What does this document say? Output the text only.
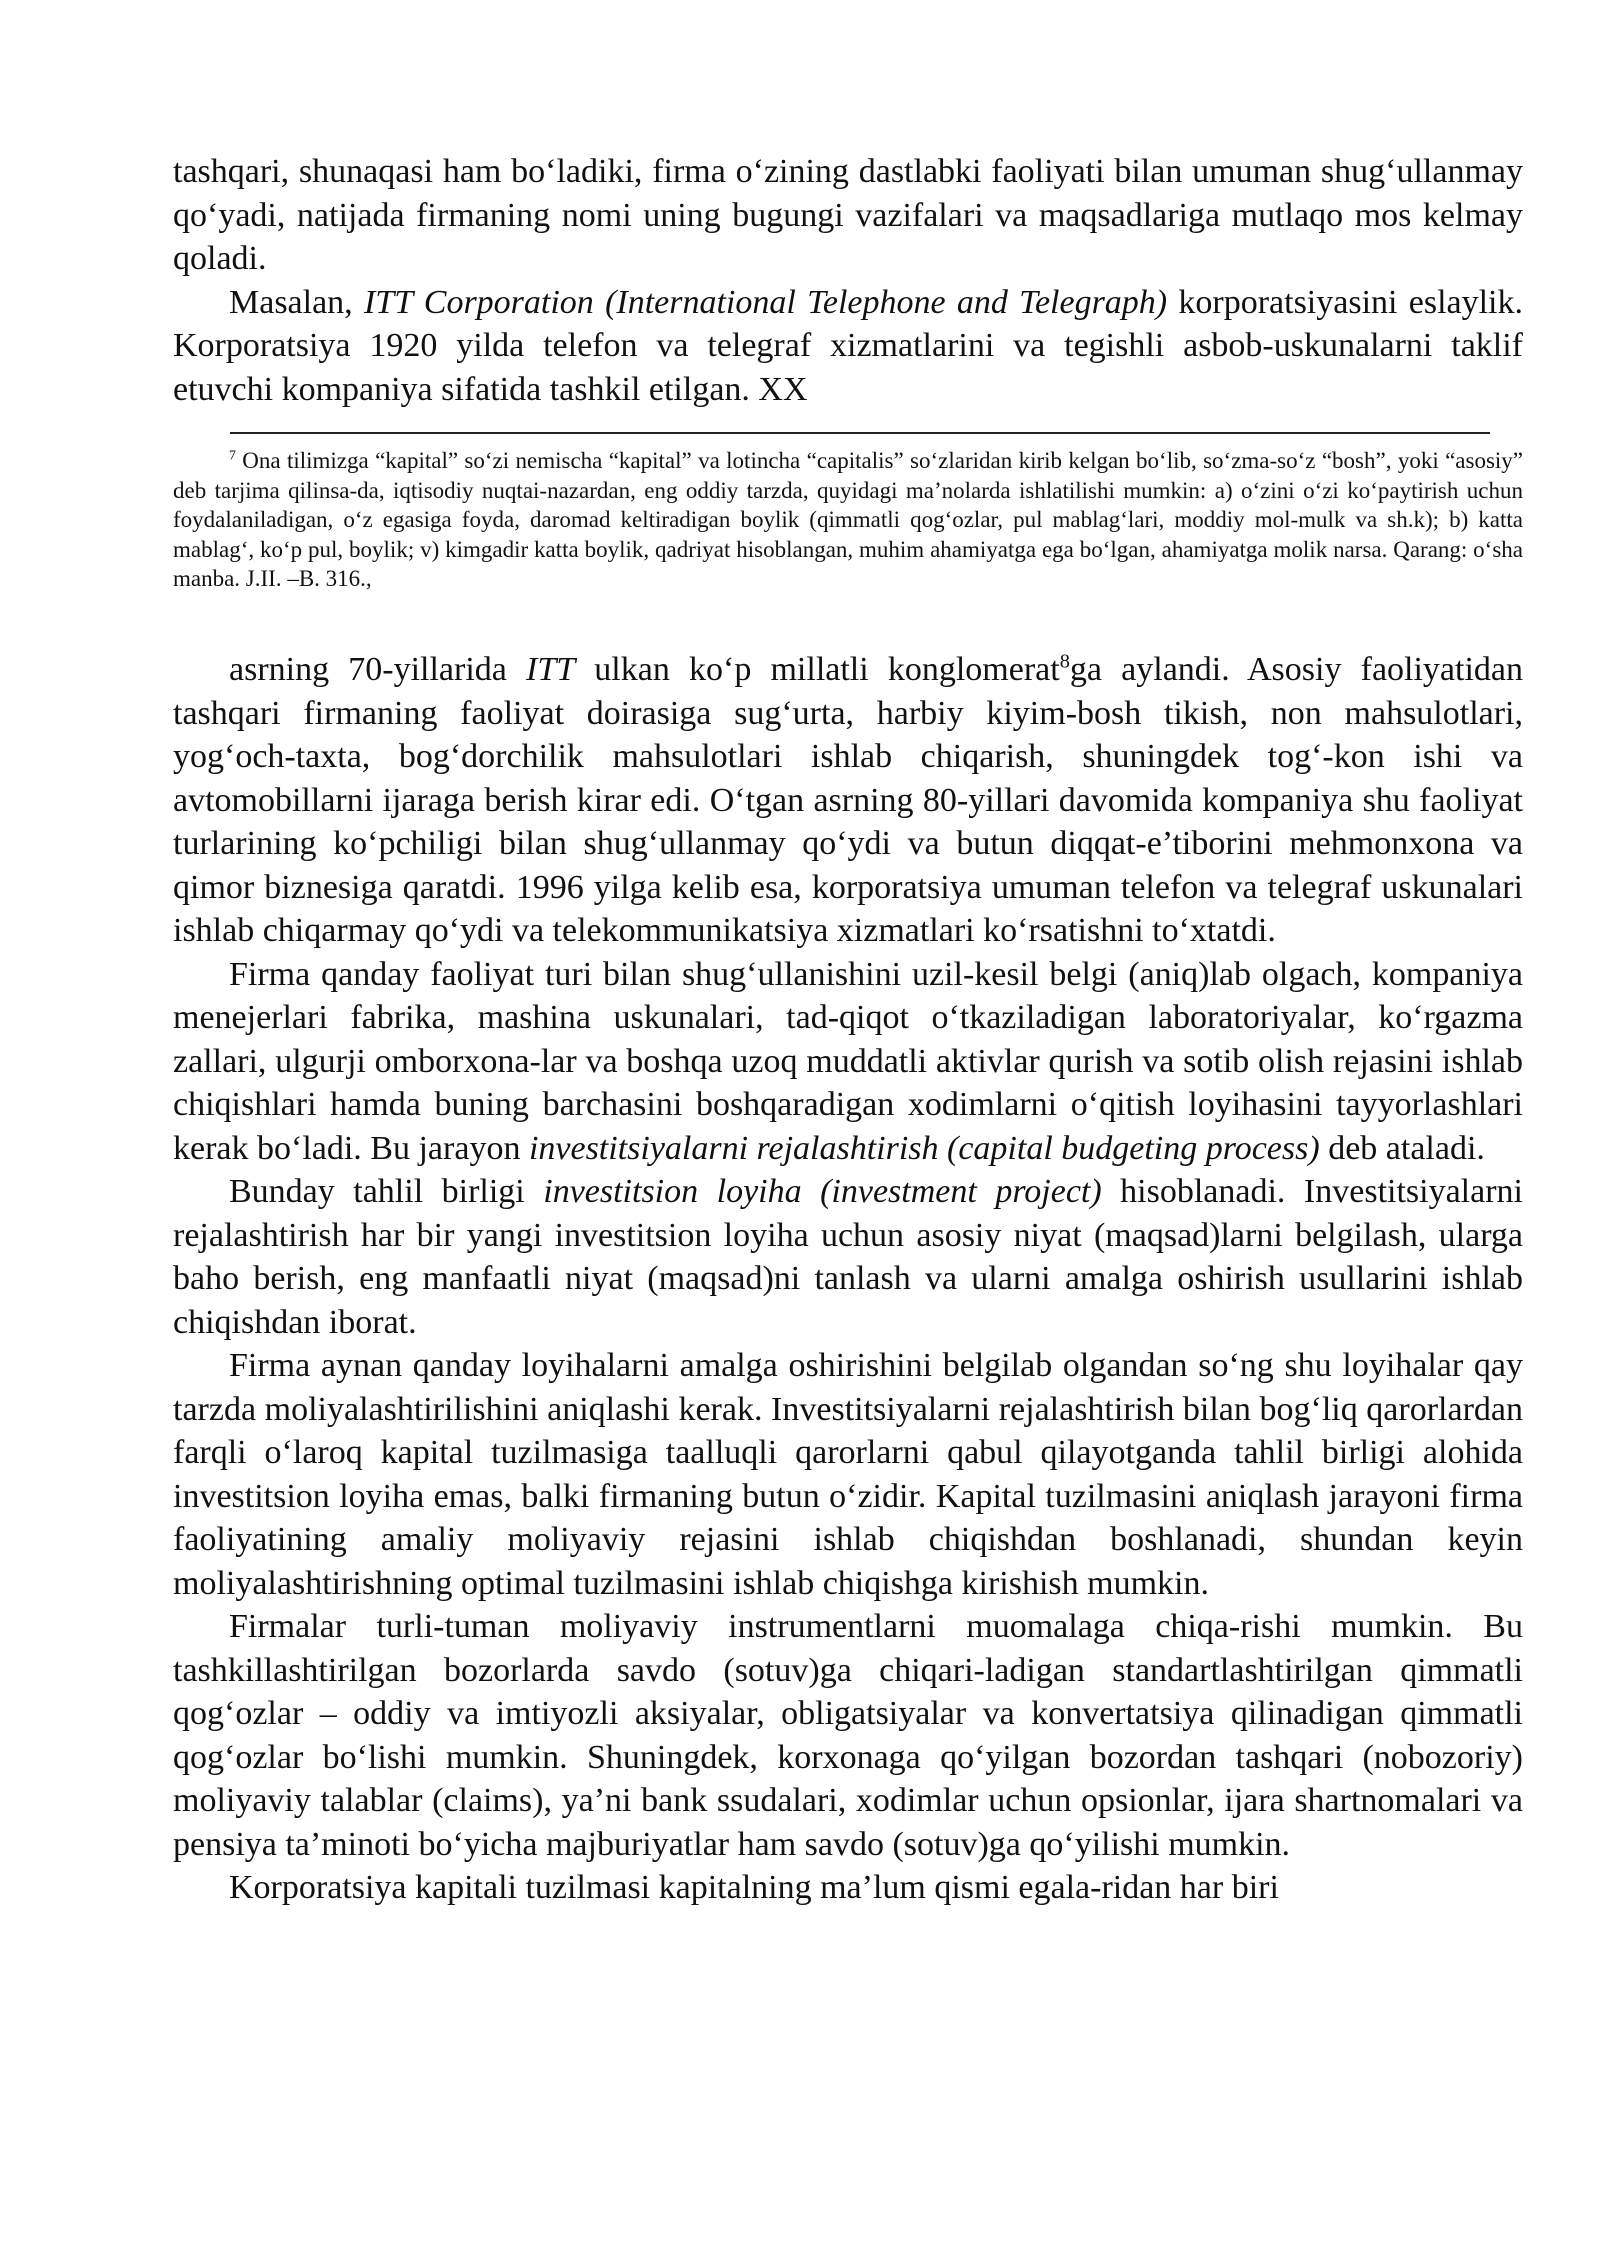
tashqari, shunaqasi ham bo‘ladiki, firma o‘zining dastlabki faoliyati bilan umuman shug‘ullanmay qo‘yadi, natijada firmaning nomi uning bugungi vazifalari va maqsadlariga mutlaqo mos kelmay qoladi.

Masalan, ITT Corporation (International Telephone and Telegraph) korporatsiyasini eslaylik. Korporatsiya 1920 yilda telefon va telegraf xizmatlarini va tegishli asbob-uskunalarni taklif etuvchi kompaniya sifatida tashkil etilgan. XX

$^7$ Ona tilimizga “kapital” so‘zi nemischa “kapital” va lotincha “capitalis” so‘zlaridan kirib kelgan bo‘lib, so‘zma-so‘z “bosh”, yoki “asosiy” deb tarjima qilinsa-da, iqtisodiy nuqtai-nazardan, eng oddiy tarzda, quyidagi ma’nolarda ishlatilishi mumkin: a) o‘zini o‘zi ko‘paytirish uchun foydalaniladigan, o‘z egasiga foyda, daromad keltiradigan boylik (qimmatli qog‘ozlar, pul mablag‘lari, moddiy mol-mulk va sh.k); b) katta mablag‘, ko‘p pul, boylik; v) kimgadir katta boylik, qadriyat hisoblangan, muhim ahamiyatga ega bo‘lgan, ahamiyatga molik narsa. Qarang: o‘sha manba. J.II. –B. 316.,

asrning 70-yillarida ITT ulkan ko‘p millatli konglomerat$^8$ga aylandi. Asosiy faoliyatidan tashqari firmaning faoliyat doirasiga sug‘urta, harbiy kiyim-bosh tikish, non mahsulotlari, yog‘och-taxta, bog‘dorchilik mahsulotlari ishlab chiqarish, shuningdek tog‘-kon ishi va avtomobillarni ijaraga berish kirar edi. O‘tgan asrning 80-yillari davomida kompaniya shu faoliyat turlarining ko‘pchiligi bilan shug‘ullanmay qo‘ydi va butun diqqat-e’tiborini mehmonxona va qimor biznesiga qaratdi. 1996 yilga kelib esa, korporatsiya umuman telefon va telegraf uskunalari ishlab chiqarmay qo‘ydi va telekommunikatsiya xizmatlari ko‘rsatishni to‘xtatdi.

Firma qanday faoliyat turi bilan shug‘ullanishini uzil-kesil belgi (aniq)lab olgach, kompaniya menejerlari fabrika, mashina uskunalari, tad-qiqot o‘tkaziladigan laboratoriyalar, ko‘rgazma zallari, ulgurji omborxona-lar va boshqa uzoq muddatli aktivlar qurish va sotib olish rejasini ishlab chiqishlari hamda buning barchasini boshqaradigan xodimlarni o‘qitish loyihasini tayyorlashlari kerak bo‘ladi. Bu jarayon investitsiyalarni rejalashtirish (capital budgeting process) deb ataladi.

Bunday tahlil birligi investitsion loyiha (investment project) hisoblanadi. Investitsiyalarni rejalashtirish har bir yangi investitsion loyiha uchun asosiy niyat (maqsad)larni belgilash, ularga baho berish, eng manfaatli niyat (maqsad)ni tanlash va ularni amalga oshirish usullarini ishlab chiqishdan iborat.

Firma aynan qanday loyihalarni amalga oshirishini belgilab olgandan so‘ng shu loyihalar qay tarzda moliyalashtirilishini aniqlashi kerak. Investitsiyalarni rejalashtirish bilan bog‘liq qarorlardan farqli o‘laroq kapital tuzilmasiga taalluqli qarorlarni qabul qilayotganda tahlil birligi alohida investitsion loyiha emas, balki firmaning butun o‘zidir. Kapital tuzilmasini aniqlash jarayoni firma faoliyatining amaliy moliyaviy rejasini ishlab chiqishdan boshlanadi, shundan keyin moliyalashtirishning optimal tuzilmasini ishlab chiqishga kirishish mumkin.

Firmalar turli-tuman moliyaviy instrumentlarni muomalaga chiqa-rishi mumkin. Bu tashkillashtirilgan bozorlarda savdo (sotuv)ga chiqari-ladigan standartlashtirilgan qimmatli qog‘ozlar – oddiy va imtiyozli aksiyalar, obligatsiyalar va konvertatsiya qilinadigan qimmatli qog‘ozlar bo‘lishi mumkin. Shuningdek, korxonaga qo‘yilgan bozordan tashqari (nobozoriy) moliyaviy talablar (claims), ya’ni bank ssudalari, xodimlar uchun opsionlar, ijara shartnomalari va pensiya ta’minoti bo‘yicha majburiyatlar ham savdo (sotuv)ga qo‘yilishi mumkin.

Korporatsiya kapitali tuzilmasi kapitalning ma’lum qismi egala-ridan har biri
